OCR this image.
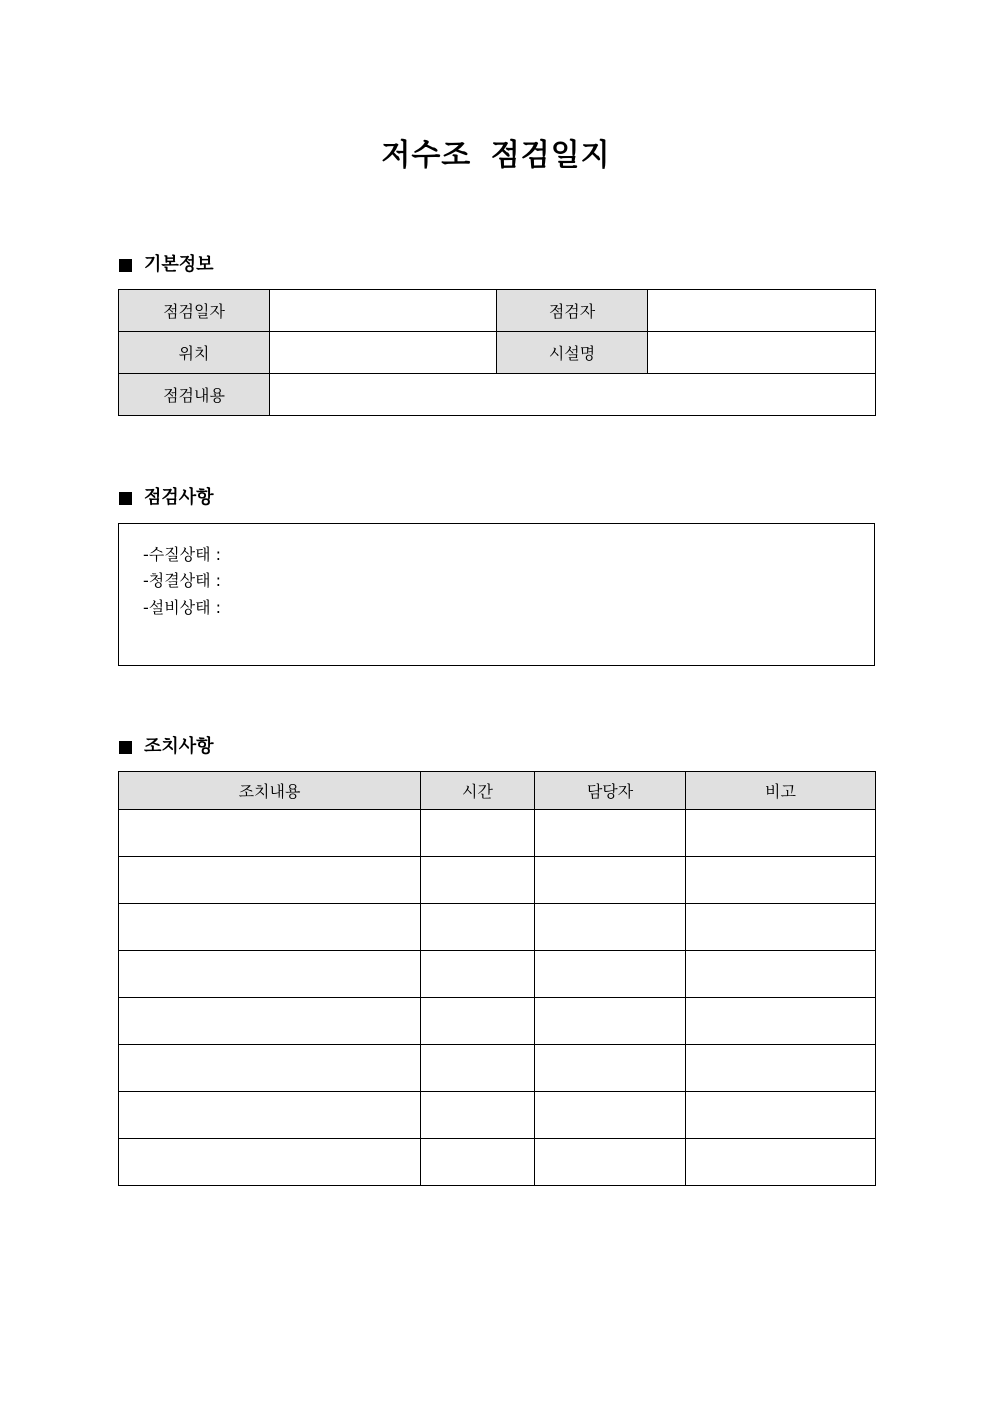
저수조 점검일지
기본정보
점검일자		점검자	
위치		시설명	
점검내용			
점검사항
-수질상태 :
-청결상태 :
-설비상태 :
조치사항
조치내용	시간	담당자	비고
